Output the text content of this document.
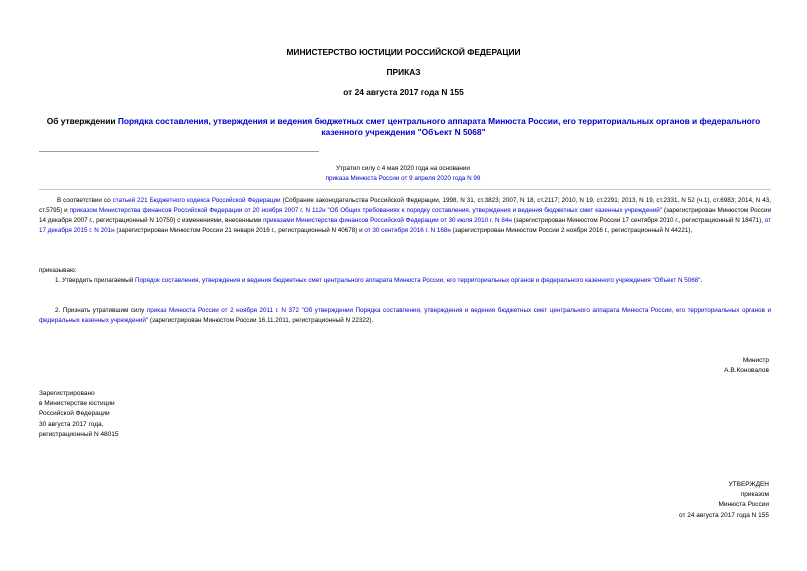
МИНИСТЕРСТВО ЮСТИЦИИ РОССИЙСКОЙ ФЕДЕРАЦИИ
ПРИКАЗ
от 24 августа 2017 года N 155
Об утверждении Порядка составления, утверждения и ведения бюджетных смет центрального аппарата Минюста России, его территориальных органов и федерального казенного учреждения "Объект N 5068"
Утратил силу с 4 мая 2020 года на основании
приказа Минюста России от 9 апреля 2020 года N 99
В соответствии со статьей 221 Бюджетного кодекса Российской Федерации (Собрание законодательства Российской Федерации, 1998, N 31, ст.3823; 2007, N 18, ст.2117; 2010, N 19, ст.2291; 2013, N 19, ст.2331, N 52 (ч.1), ст.6983; 2014, N 43, ст.5795) и приказом Министерства финансов Российской Федерации от 20 ноября 2007 г. N 112н "Об Общих требованиях к порядку составления, утверждения и ведения бюджетных смет казенных учреждений" (зарегистрирован Минюстом России 14 декабря 2007 г., регистрационный N 10750) с изменениями, внесенными приказами Министерства финансов Российской Федерации от 30 июля 2010 г. N 84н (зарегистрирован Минюстом России 17 сентября 2010 г., регистрационный N 18471), от 17 декабря 2015 г. N 201н (зарегистрирован Минюстом России 21 января 2016 г., регистрационный N 40678) и от 30 сентября 2016 г. N 168н (зарегистрирован Минюстом России 2 ноября 2016 г., регистрационный N 44221),
приказываю:
1. Утвердить прилагаемый Порядок составления, утверждения и ведения бюджетных смет центрального аппарата Минюста России, его территориальных органов и федерального казенного учреждения "Объект N 5068".
2. Признать утратившим силу приказ Минюста России от 2 ноября 2011 г. N 372 "Об утверждении Порядка составления, утверждения и ведения бюджетных смет центрального аппарата Минюста России, его территориальных органов и федеральных казенных учреждений" (зарегистрирован Минюстом России 16.11.2011, регистрационный N 22322).
Министр
А.В.Коновалов
Зарегистрировано
в Министерстве юстиции
Российской Федерации
30 августа 2017 года,
регистрационный N 48015
УТВЕРЖДЕН
приказом
Минюста России
от 24 августа 2017 года N 155
